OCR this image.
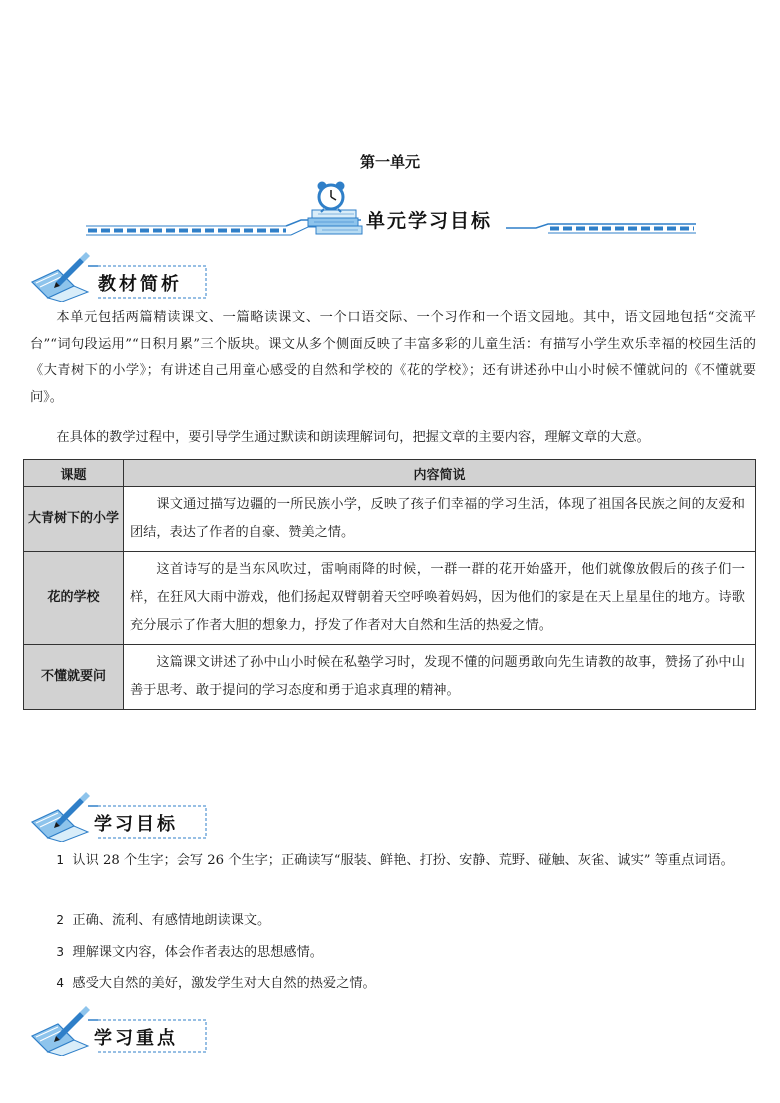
第一单元
单元学习目标
教材简析
本单元包括两篇精读课文、一篇略读课文、一个口语交际、一个习作和一个语文园地。其中，语文园地包括“交流平台”“词句段运用”“日积月累”三个版块。课文从多个侧面反映了丰富多彩的儿童生活：有描写小学生欢乐幸福的校园生活的《大青树下的小学》；有讲述自己用童心感受的自然和学校的《花的学校》；还有讲述孙中山小时候不懂就问的《不懂就要问》。
在具体的教学过程中，要引导学生通过默读和朗读理解词句，把握文章的主要内容，理解文章的大意。
课题	内容简说
大青树下的小学	课文通过描写边疆的一所民族小学，反映了孩子们幸福的学习生活，体现了祖国各民族之间的友爱和团结，表达了作者的自豪、赞美之情。
花的学校	这首诗写的是当东风吹过，雷响雨降的时候，一群一群的花开始盛开，他们就像放假后的孩子们一样，在狂风大雨中游戏，他们扬起双臂朝着天空呼唤着妈妈，因为他们的家是在天上星星住的地方。诗歌充分展示了作者大胆的想象力，抒发了作者对大自然和生活的热爱之情。
不懂就要问	这篇课文讲述了孙中山小时候在私塾学习时，发现不懂的问题勇敢向先生请教的故事，赞扬了孙中山善于思考、敢于提问的学习态度和勇于追求真理的精神。
学习目标
1 认识 28 个生字；会写 26 个生字；正确读写“服装、鲜艳、打扮、安静、荒野、碰触、灰雀、诚实” 等重点词语。
2 正确、流利、有感情地朗读课文。
3 理解课文内容，体会作者表达的思想感情。
4 感受大自然的美好，激发学生对大自然的热爱之情。
学习重点
